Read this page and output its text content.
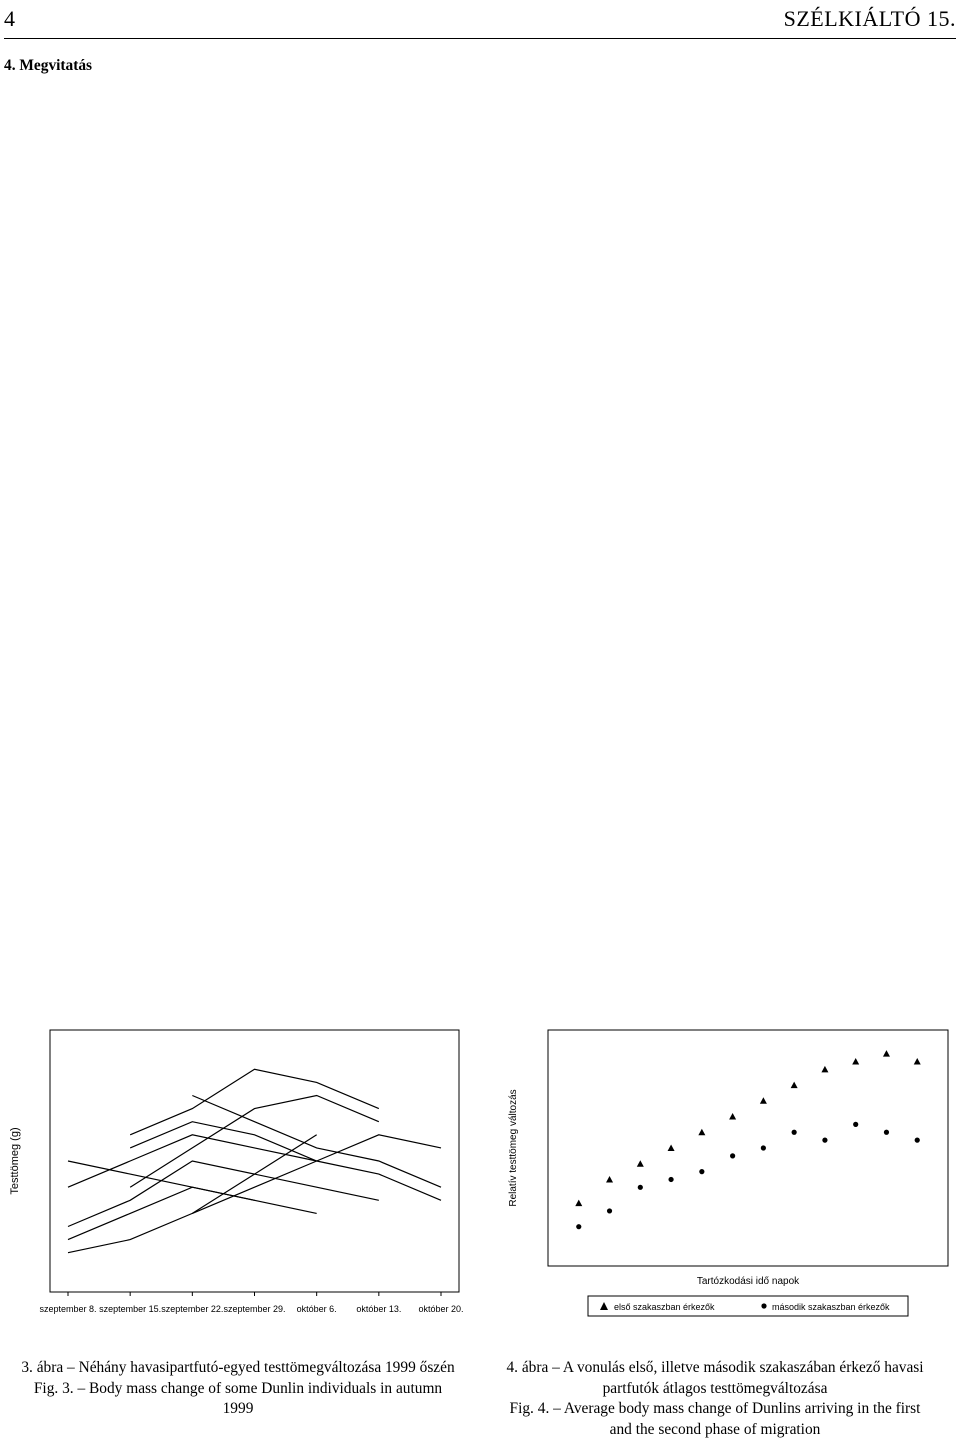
4	SZÉLKIÁLTÓ 15.
4. Megvitatás
Testtömeg (g)
szeptember 8. szeptember 15. szeptember 22. szeptember 29. október 6. október 13. október 20.
Relatív testtömeg változás
Tartózkodási idő napok
első szakaszban érkezők	második szakaszban érkezők
3. ábra – Néhány havasipartfutó-egyed testtömegváltozása 1999 őszén
Fig. 3. – Body mass change of some Dunlin individuals in autumn 1999
4. ábra – A vonulás első, illetve második szakaszában érkező havasi partfutók átlagos testtömegváltozása
Fig. 4. – Average body mass change of Dunlins arriving in the first and the second phase of migration
